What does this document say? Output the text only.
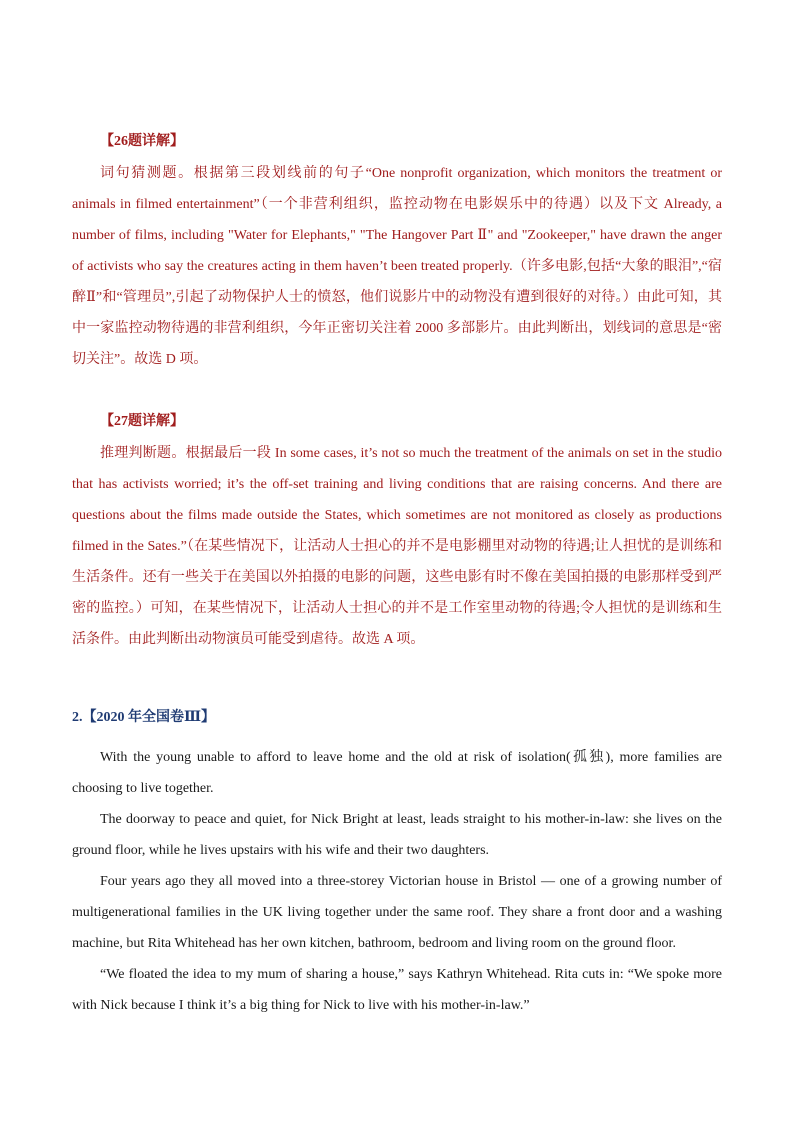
【26题详解】

词句猜测题。根据第三段划线前的句子“One nonprofit organization, which monitors the treatment or animals in filmed entertainment”（一个非营利组织，监控动物在电影娱乐中的待遇）以及下文 Already, a number of films, including "Water for Elephants," "The Hangover Part Ⅱ" and "Zookeeper," have drawn the anger of activists who say the creatures acting in them haven’t been treated properly.（许多电影,包括“大象的眼泪”,“宿醉Ⅱ”和“管理员”,引起了动物保护人士的愤怒，他们说影片中的动物没有遭到很好的对待。）由此可知，其中一家监控动物待遇的非营利组织，今年正密切关注着 2000 多部影片。由此判断出，划线词的意思是“密切关注”。故选 D 项。

【27题详解】

推理判断题。根据最后一段 In some cases, it’s not so much the treatment of the animals on set in the studio that has activists worried; it’s the off-set training and living conditions that are raising concerns. And there are questions about the films made outside the States, which sometimes are not monitored as closely as productions filmed in the Sates.”（在某些情况下，让活动人士担心的并不是电影棚里对动物的待遇;让人担忧的是训练和生活条件。还有一些关于在美国以外拍摄的电影的问题，这些电影有时不像在美国拍摄的电影那样受到严密的监控。）可知，在某些情况下，让活动人士担心的并不是工作室里动物的待遇;令人担忧的是训练和生活条件。由此判断出动物演员可能受到虐待。故选 A 项。

2.【2020 年全国卷Ⅲ】

With the young unable to afford to leave home and the old at risk of isolation(孤独), more families are choosing to live together.

The doorway to peace and quiet, for Nick Bright at least, leads straight to his mother-in-law: she lives on the ground floor, while he lives upstairs with his wife and their two daughters.

Four years ago they all moved into a three-storey Victorian house in Bristol — one of a growing number of multigenerational families in the UK living together under the same roof. They share a front door and a washing machine, but Rita Whitehead has her own kitchen, bathroom, bedroom and living room on the ground floor.

“We floated the idea to my mum of sharing a house,” says Kathryn Whitehead. Rita cuts in: “We spoke more with Nick because I think it’s a big thing for Nick to live with his mother-in-law.”
